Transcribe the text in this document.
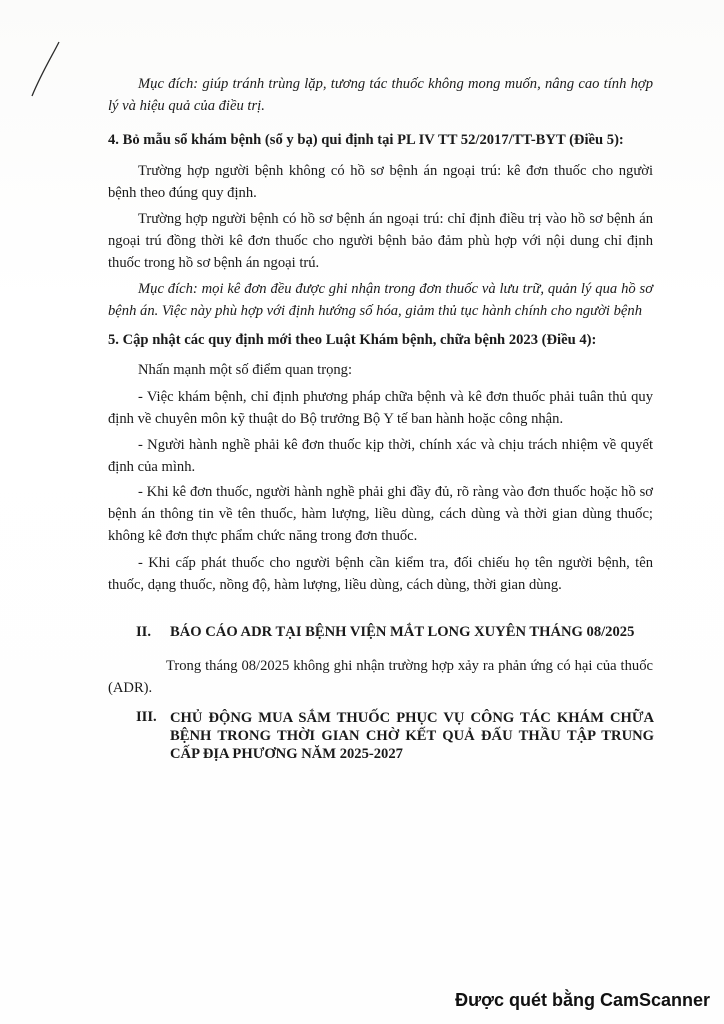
Mục đích: giúp tránh trùng lặp, tương tác thuốc không mong muốn, nâng cao tính hợp lý và hiệu quả của điều trị.

4. Bỏ mẫu sổ khám bệnh (sổ y bạ) qui định tại PL IV TT 52/2017/TT-BYT (Điều 5):

Trường hợp người bệnh không có hồ sơ bệnh án ngoại trú: kê đơn thuốc cho người bệnh theo đúng quy định.

Trường hợp người bệnh có hồ sơ bệnh án ngoại trú: chỉ định điều trị vào hồ sơ bệnh án ngoại trú đồng thời kê đơn thuốc cho người bệnh bảo đảm phù hợp với nội dung chỉ định thuốc trong hồ sơ bệnh án ngoại trú.

Mục đích: mọi kê đơn đều được ghi nhận trong đơn thuốc và lưu trữ, quản lý qua hồ sơ bệnh án. Việc này phù hợp với định hướng số hóa, giảm thủ tục hành chính cho người bệnh

5. Cập nhật các quy định mới theo Luật Khám bệnh, chữa bệnh 2023 (Điều 4):

Nhấn mạnh một số điểm quan trọng:

- Việc khám bệnh, chỉ định phương pháp chữa bệnh và kê đơn thuốc phải tuân thủ quy định về chuyên môn kỹ thuật do Bộ trưởng Bộ Y tế ban hành hoặc công nhận.

- Người hành nghề phải kê đơn thuốc kịp thời, chính xác và chịu trách nhiệm về quyết định của mình.

- Khi kê đơn thuốc, người hành nghề phải ghi đầy đủ, rõ ràng vào đơn thuốc hoặc hồ sơ bệnh án thông tin về tên thuốc, hàm lượng, liều dùng, cách dùng và thời gian dùng thuốc; không kê đơn thực phẩm chức năng trong đơn thuốc.

- Khi cấp phát thuốc cho người bệnh cần kiểm tra, đối chiếu họ tên người bệnh, tên thuốc, dạng thuốc, nồng độ, hàm lượng, liều dùng, cách dùng, thời gian dùng.

II. BÁO CÁO ADR TẠI BỆNH VIỆN MẮT LONG XUYÊN THÁNG 08/2025

Trong tháng 08/2025 không ghi nhận trường hợp xảy ra phản ứng có hại của thuốc (ADR).

III. CHỦ ĐỘNG MUA SẮM THUỐC PHỤC VỤ CÔNG TÁC KHÁM CHỮA BỆNH TRONG THỜI GIAN CHỜ KẾT QUẢ ĐẤU THẦU TẬP TRUNG CẤP ĐỊA PHƯƠNG NĂM 2025-2027

Được quét bằng CamScanner
